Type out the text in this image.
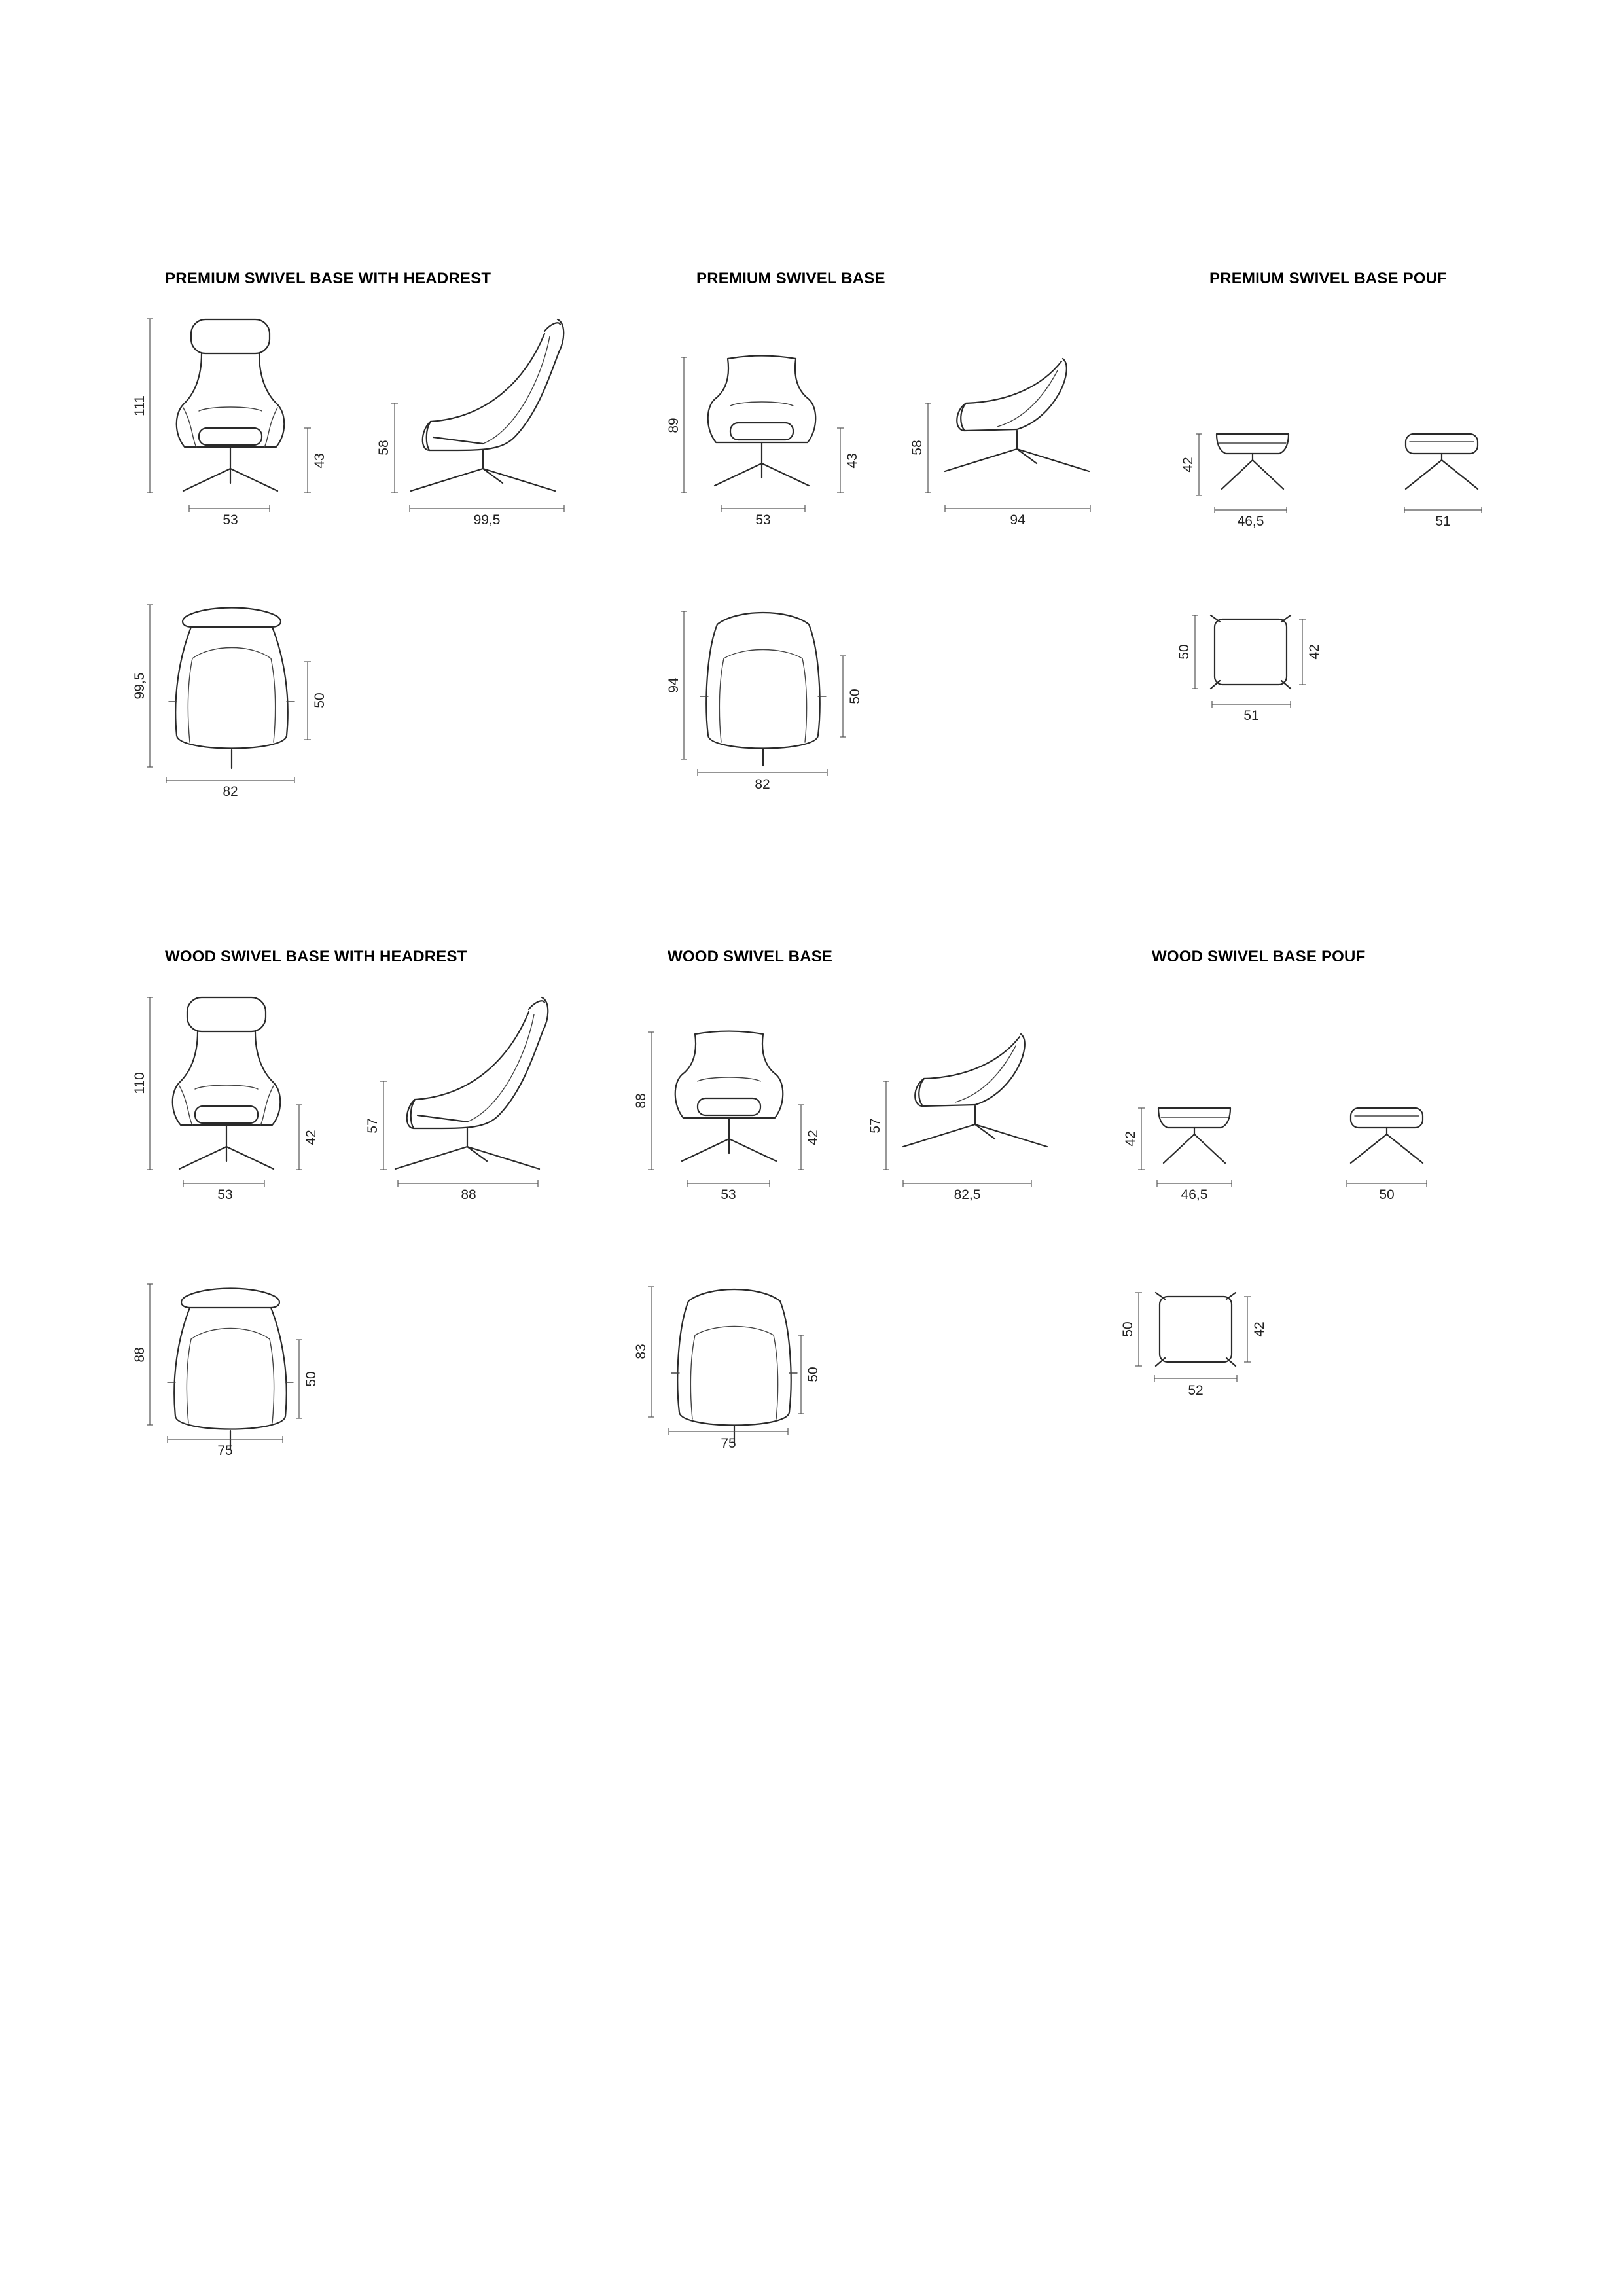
PREMIUM SWIVEL BASE WITH HEADREST
111
43
53
58
99,5
99,5
50
82
PREMIUM SWIVEL BASE
89
43
53
58
94
94
50
82
PREMIUM SWIVEL BASE POUF
42
46,5	51
50	42
51
WOOD SWIVEL BASE WITH HEADREST
110
42
53
57
88
88
50
75
WOOD SWIVEL BASE
88
42
53
57
82,5
83
50
75
WOOD SWIVEL BASE POUF
42
46,5	50
50	42
52
